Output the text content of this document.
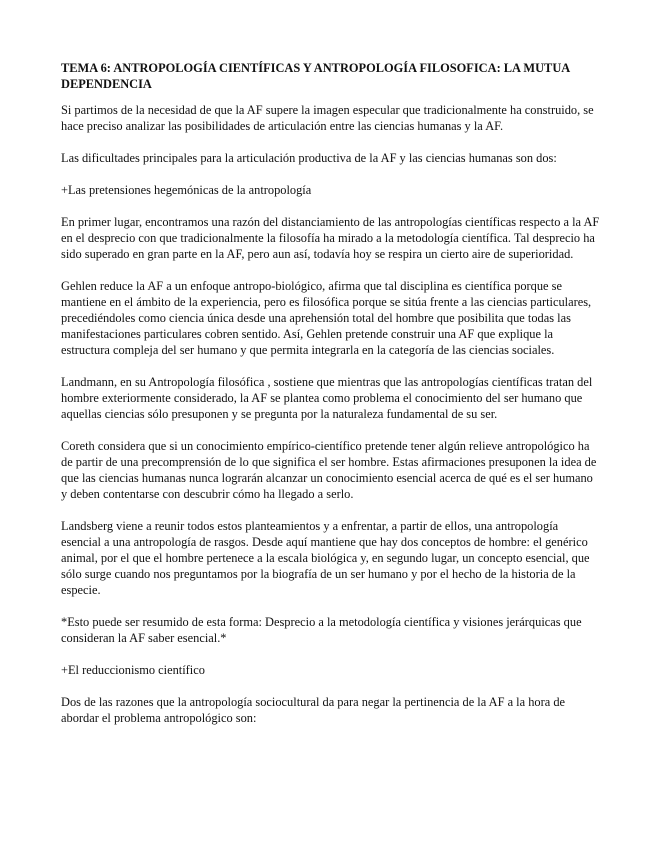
TEMA 6: ANTROPOLOGÍA CIENTÍFICAS Y ANTROPOLOGÍA FILOSOFICA: LA MUTUA DEPENDENCIA
Si partimos de la necesidad de que la AF supere la imagen especular que tradicionalmente ha construido, se hace preciso analizar las posibilidades de articulación entre las ciencias humanas y la AF.
Las dificultades principales para la articulación productiva de la AF y las ciencias humanas son dos:
+Las pretensiones hegemónicas de la antropología
En primer lugar, encontramos una razón del distanciamiento de las antropologías científicas respecto a la AF en el desprecio con que tradicionalmente la filosofía ha mirado a la metodología científica. Tal desprecio ha sido superado en gran parte en la AF, pero aun así, todavía hoy se respira un cierto aire de superioridad.
Gehlen reduce la AF a un enfoque antropo-biológico, afirma que tal disciplina es científica porque se mantiene en el ámbito de la experiencia, pero es filosófica porque se sitúa frente a las ciencias particulares, precediéndoles como ciencia única desde una aprehensión total del hombre que posibilita que todas las manifestaciones particulares cobren sentido. Así, Gehlen pretende construir una AF que explique la estructura compleja del ser humano y que permita integrarla en la categoría de las ciencias sociales.
Landmann, en su Antropología filosófica , sostiene que mientras que las antropologías científicas tratan del hombre exteriormente considerado, la AF se plantea como problema el conocimiento del ser humano que aquellas ciencias sólo presuponen y se pregunta por la naturaleza fundamental de su ser.
Coreth considera que si un conocimiento empírico-científico pretende tener algún relieve antropológico ha de partir de una precomprensión de lo que significa el ser hombre. Estas afirmaciones presuponen la idea de que las ciencias humanas nunca lograrán alcanzar un conocimiento esencial acerca de qué es el ser humano y deben contentarse con descubrir cómo ha llegado a serlo.
Landsberg viene a reunir todos estos planteamientos y a enfrentar, a partir de ellos, una antropología esencial a una antropología de rasgos. Desde aquí mantiene que hay dos conceptos de hombre: el genérico animal, por el que el hombre pertenece a la escala biológica y, en segundo lugar, un concepto esencial, que sólo surge cuando nos preguntamos por la biografía de un ser humano y por el hecho de la historia de la especie.
*Esto puede ser resumido de esta forma: Desprecio a la metodología científica y visiones jerárquicas que consideran la AF saber esencial.*
+El reduccionismo científico
Dos de las razones que la antropología sociocultural da para negar la pertinencia de la AF a la hora de abordar el problema antropológico son:
